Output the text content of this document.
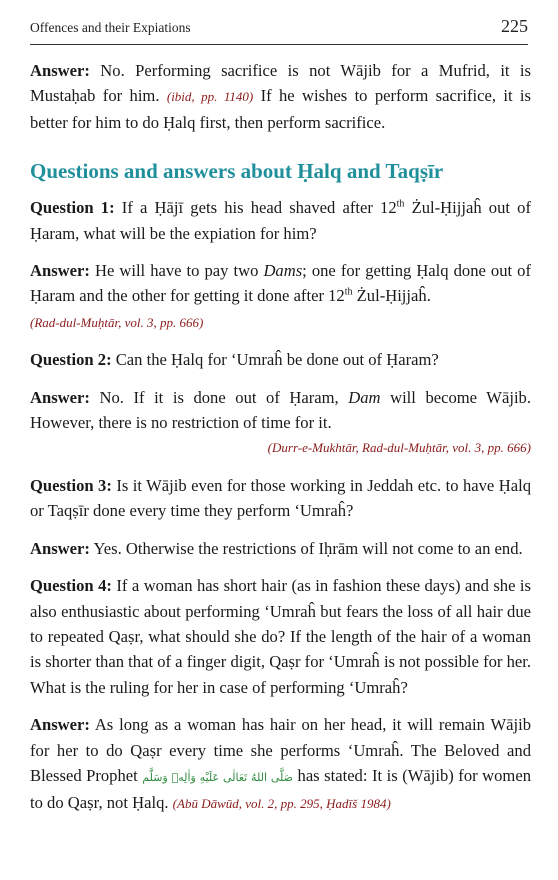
Offences and their Expiations	225

Answer: No. Performing sacrifice is not Wājib for a Mufrid, it is Mustaḥab for him. (ibid, pp. 1140) If he wishes to perform sacrifice, it is better for him to do Ḥalq first, then perform sacrifice.

Questions and answers about Ḥalq and Taqṣīr

Question 1: If a Ḥājī gets his head shaved after 12th Żul-Ḥijjaĥ out of Ḥaram, what will be the expiation for him?

Answer: He will have to pay two Dams; one for getting Ḥalq done out of Ḥaram and the other for getting it done after 12th Żul-Ḥijjaĥ.
(Rad-dul-Muḥtār, vol. 3, pp. 666)

Question 2: Can the Ḥalq for ‘Umraĥ be done out of Ḥaram?

Answer: No. If it is done out of Ḥaram, Dam will become Wājib. However, there is no restriction of time for it.
(Durr-e-Mukhtār, Rad-dul-Muḥtār, vol. 3, pp. 666)

Question 3: Is it Wājib even for those working in Jeddah etc. to have Ḥalq or Taqṣīr done every time they perform ‘Umraĥ?

Answer: Yes. Otherwise the restrictions of Iḥrām will not come to an end.

Question 4: If a woman has short hair (as in fashion these days) and she is also enthusiastic about performing ‘Umraĥ but fears the loss of all hair due to repeated Qaṣr, what should she do? If the length of the hair of a woman is shorter than that of a finger digit, Qaṣr for ‘Umraĥ is not possible for her. What is the ruling for her in case of performing ‘Umraĥ?

Answer: As long as a woman has hair on her head, it will remain Wājib for her to do Qaṣr every time she performs ‘Umraĥ. The Beloved and Blessed Prophet صَلَّى اللهُ تَعَالٰی عَلَيْهِ وَاٰلِهٖ وَسَلَّم has stated: It is (Wājib) for women to do Qaṣr, not Ḥalq. (Abū Dāwūd, vol. 2, pp. 295, Ḥadīš 1984)
